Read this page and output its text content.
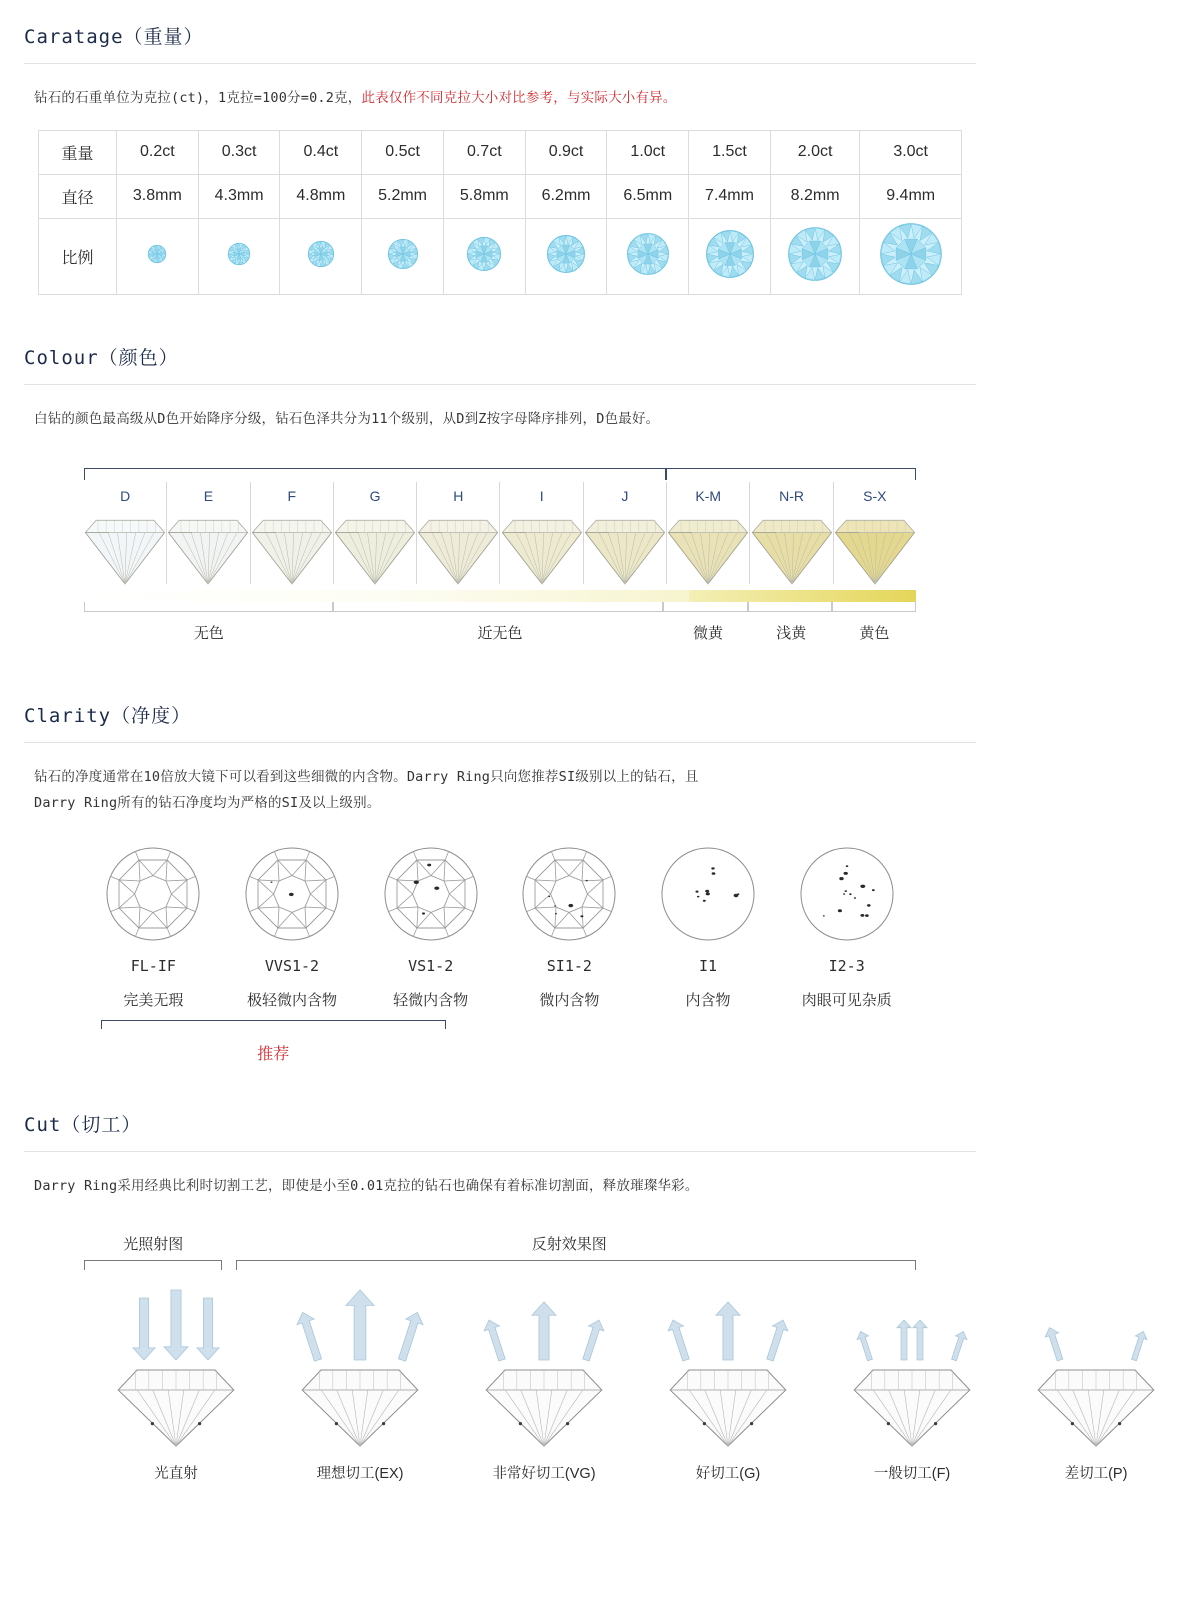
Caratage（重量）
钻石的石重单位为克拉(ct)，1克拉=100分=0.2克，此表仅作不同克拉大小对比参考，与实际大小有异。
重量	0.2ct	0.3ct	0.4ct	0.5ct	0.7ct	0.9ct	1.0ct	1.5ct	2.0ct	3.0ct
直径	3.8mm	4.3mm	4.8mm	5.2mm	5.8mm	6.2mm	6.5mm	7.4mm	8.2mm	9.4mm
比例										
Colour（颜色）
白钻的颜色最高级从D色开始降序分级，钻石色泽共分为11个级别，从D到Z按字母降序排列，D色最好。
D	E	F	G	H	I	J	K-M	N-R	S-X
无色	近无色	微黄	浅黄	黄色
Clarity（净度）
钻石的净度通常在10倍放大镜下可以看到这些细微的内含物。Darry Ring只向您推荐SI级别以上的钻石，且
Darry Ring所有的钻石净度均为严格的SI及以上级别。
FL-IF
完美无瑕
VVS1-2
极轻微内含物
VS1-2
轻微内含物
SI1-2
微内含物
I1
内含物
I2-3
肉眼可见杂质
推荐
Cut（切工）
Darry Ring采用经典比利时切割工艺，即使是小至0.01克拉的钻石也确保有着标准切割面，释放璀璨华彩。
光照射图	反射效果图
光直射	理想切工(EX)	非常好切工(VG)	好切工(G)	一般切工(F)	差切工(P)
